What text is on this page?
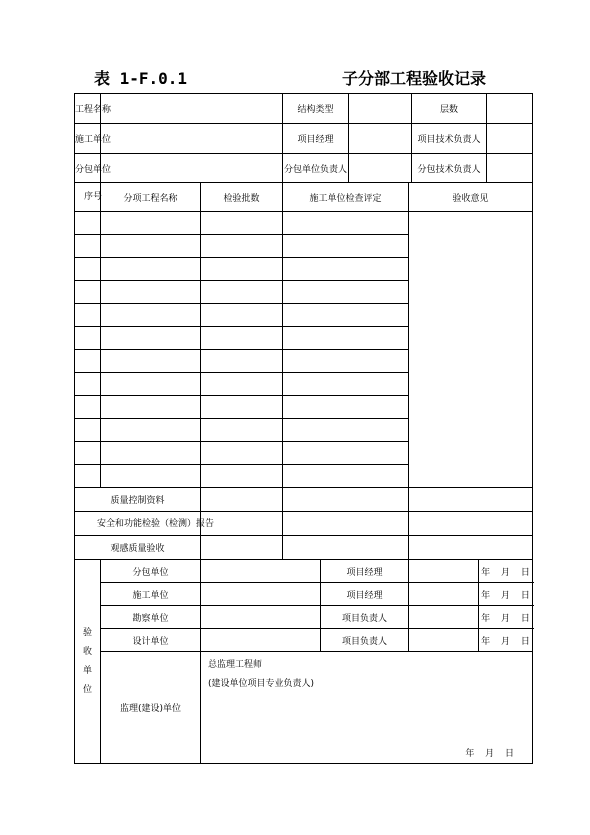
表 1-F.0.1	子分部工程验收记录
工程名称			结构类型				层数		
施工单位			项目经理				项目技术负责人		
分包单位			分包单位负责人				分包技术负责人		
序号	分项工程名称	检验批数	施工单位检查评定			验收意见			

质量控制资料									
安全和功能检验（检测）报告									
观感质量验收									

验
收
单
位	分包单位			项目经理				年 月 日	
	施工单位			项目经理				年 月 日	
	勘察单位			项目负责人				年 月 日	
	设计单位			项目负责人				年 月 日	
	监理(建设)单位	总监理工程师
(建设单位项目专业负责人)
年 月 日							
